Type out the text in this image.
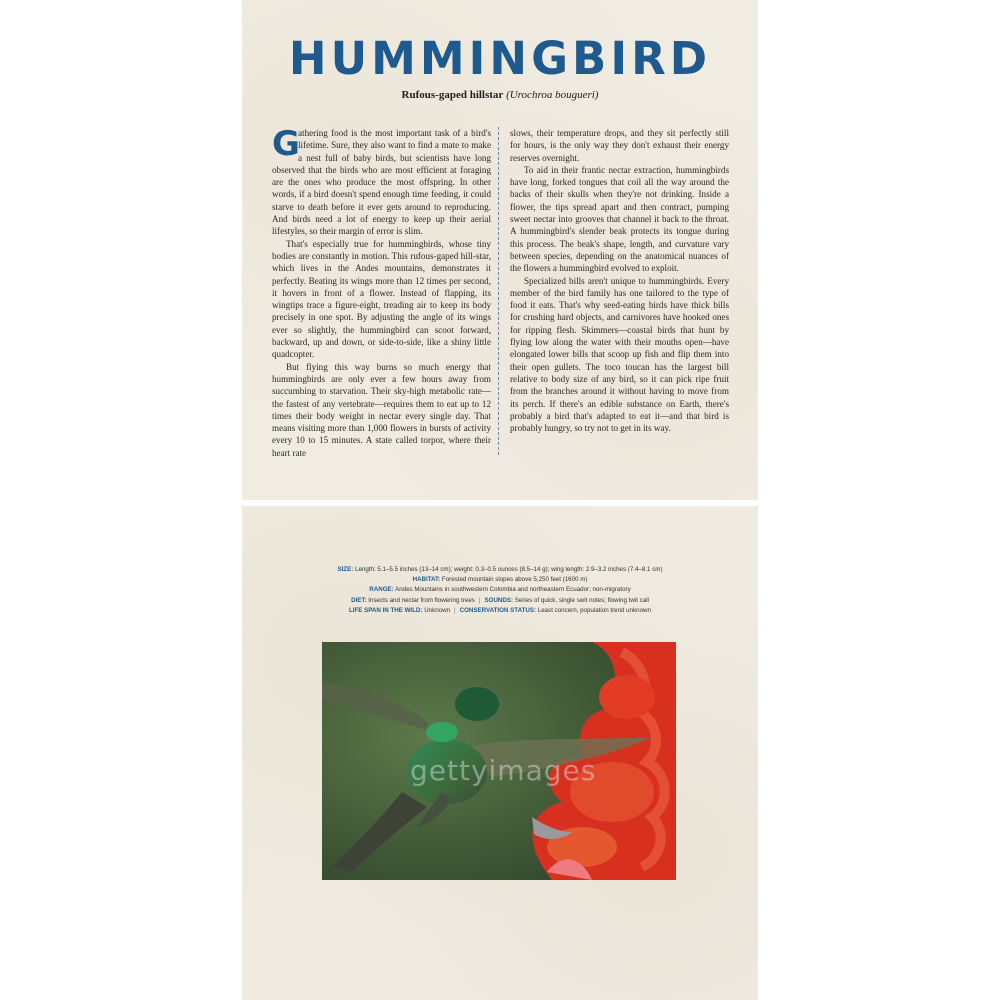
HUMMINGBIRD

Rufous-gaped hillstar (Urochroa bougueri)

G
athering food is the most important task of a bird's lifetime. Sure, they also want to find a mate to make a nest full of baby birds, but scientists have long observed that the birds who are most efficient at foraging are the ones who produce the most offspring. In other words, if a bird doesn't spend enough time feeding, it could starve to death before it ever gets around to reproducing. And birds need a lot of energy to keep up their aerial lifestyles, so their margin of error is slim.

That's especially true for hummingbirds, whose tiny bodies are constantly in motion. This rufous-gaped hill-star, which lives in the Andes mountains, demonstrates it perfectly. Beating its wings more than 12 times per second, it hovers in front of a flower. Instead of flapping, its wingtips trace a figure-eight, treading air to keep its body precisely in one spot. By adjusting the angle of its wings ever so slightly, the hummingbird can scoot forward, backward, up and down, or side-to-side, like a shiny little quadcopter.

But flying this way burns so much energy that hummingbirds are only ever a few hours away from succumbing to starvation. Their sky-high metabolic rate—the fastest of any vertebrate—requires them to eat up to 12 times their body weight in nectar every single day. That means visiting more than 1,000 flowers in bursts of activity every 10 to 15 minutes. A state called torpor, where their heart rate

slows, their temperature drops, and they sit perfectly still for hours, is the only way they don't exhaust their energy reserves overnight.

To aid in their frantic nectar extraction, hummingbirds have long, forked tongues that coil all the way around the backs of their skulls when they're not drinking. Inside a flower, the tips spread apart and then contract, pumping sweet nectar into grooves that channel it back to the throat. A hummingbird's slender beak protects its tongue during this process. The beak's shape, length, and curvature vary between species, depending on the anatomical nuances of the flowers a hummingbird evolved to exploit.

Specialized bills aren't unique to hummingbirds. Every member of the bird family has one tailored to the type of food it eats. That's why seed-eating birds have thick bills for crushing hard objects, and carnivores have hooked ones for ripping flesh. Skimmers—coastal birds that hunt by flying low along the water with their mouths open—have elongated lower bills that scoop up fish and flip them into their open gullets. The toco toucan has the largest bill relative to body size of any bird, so it can pick ripe fruit from the branches around it without having to move from its perch. If there's an edible substance on Earth, there's probably a bird that's adapted to eat it—and that bird is probably hungry, so try not to get in its way.

SIZE: Length: 5.1–5.5 inches (13–14 cm); weight: 0.3–0.5 ounces (8.5–14 g); wing length: 2.9–3.2 inches (7.4–8.1 cm)
HABITAT: Forested mountain slopes above 5,250 feet (1600 m)
RANGE: Andes Mountains in southwestern Colombia and northeastern Ecuador; non-migratory
DIET: Insects and nectar from flowering trees | SOUNDS: Series of quick, single swit notes; flowing twit call
LIFE SPAN IN THE WILD: Unknown | CONSERVATION STATUS: Least concern, population trend unknown
gettyimages
